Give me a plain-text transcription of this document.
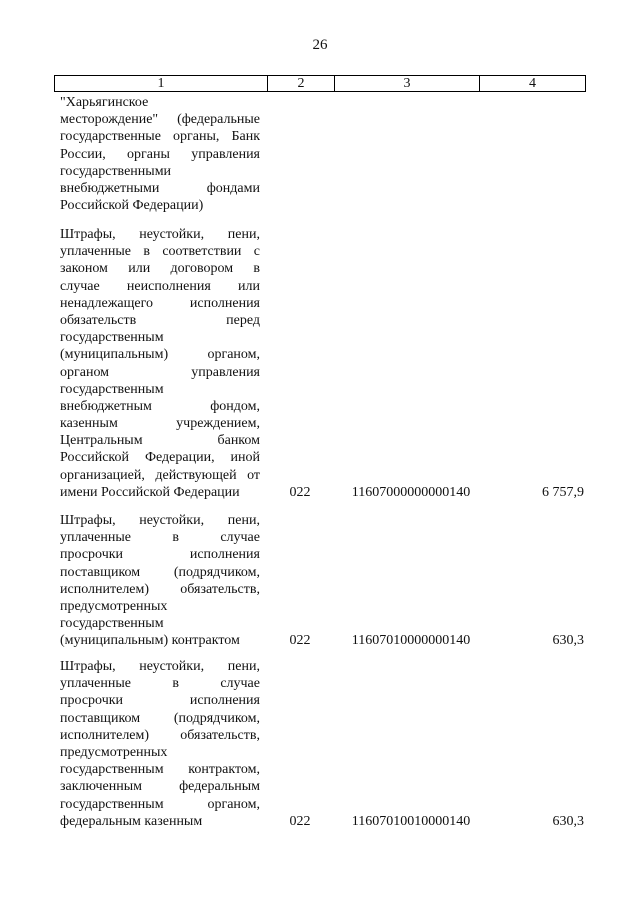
26
1	2	3	4
"Харьягинское
месторождение" (федеральные
государственные органы, Банк
России, органы управления
государственными
внебюджетными фондами
Российской Федерации)
Штрафы, неустойки, пени,
уплаченные в соответствии с
законом или договором в
случае неисполнения или
ненадлежащего исполнения
обязательств перед
государственным
(муниципальным) органом,
органом управления
государственным
внебюджетным фондом,
казенным учреждением,
Центральным банком
Российской Федерации, иной
организацией, действующей от
имени Российской Федерации	022	11607000000000140	6 757,9
Штрафы, неустойки, пени,
уплаченные в случае
просрочки исполнения
поставщиком (подрядчиком,
исполнителем) обязательств,
предусмотренных
государственным
(муниципальным) контрактом	022	11607010000000140	630,3
Штрафы, неустойки, пени,
уплаченные в случае
просрочки исполнения
поставщиком (подрядчиком,
исполнителем) обязательств,
предусмотренных
государственным контрактом,
заключенным федеральным
государственным органом,
федеральным казенным	022	11607010010000140	630,3
